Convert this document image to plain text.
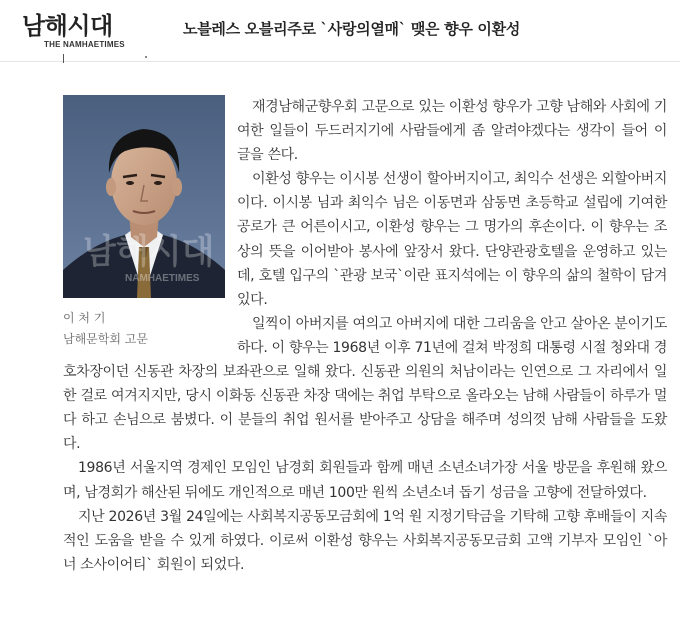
남해시대
THE NAMHAETIMES
노블레스 오블리주로 `사랑의열매` 맺은 향우 이환성
남해시대
NAMHAETIMES
이 처 기
남해문학회 고문

재경남해군향우회 고문으로 있는 이환성 향우가 고향 남해와 사회에 기여한 일들이 두드러지기에 사람들에게 좀 알려야겠다는 생각이 들어 이 글을 쓴다.

이환성 향우는 이시봉 선생이 할아버지이고, 최익수 선생은 외할아버지이다. 이시봉 님과 최익수 님은 이동면과 삼동면 초등학교 설립에 기여한 공로가 큰 어른이시고, 이환성 향우는 그 명가의 후손이다. 이 향우는 조상의 뜻을 이어받아 봉사에 앞장서 왔다. 단양관광호텔을 운영하고 있는데, 호텔 입구의 `관광 보국`이란 표지석에는 이 향우의 삶의 철학이 담겨 있다.

일찍이 아버지를 여의고 아버지에 대한 그리움을 안고 살아온 분이기도 하다. 이 향우는 1968년 이후 71년에 걸쳐 박정희 대통령 시절 청와대 경호차장이던 신동관 차장의 보좌관으로 일해 왔다. 신동관 의원의 처남이라는 인연으로 그 자리에서 일한 걸로 여겨지지만, 당시 이화동 신동관 차장 댁에는 취업 부탁으로 올라오는 남해 사람들이 하루가 멀다 하고 손님으로 붐볐다. 이 분들의 취업 원서를 받아주고 상담을 해주며 성의껏 남해 사람들을 도왔다.

1986년 서울지역 경제인 모임인 남경회 회원들과 함께 매년 소년소녀가장 서울 방문을 후원해 왔으며, 남경회가 해산된 뒤에도 개인적으로 매년 100만 원씩 소년소녀 돕기 성금을 고향에 전달하였다.

지난 2026년 3월 24일에는 사회복지공동모금회에 1억 원 지정기탁금을 기탁해 고향 후배들이 지속적인 도움을 받을 수 있게 하였다. 이로써 이환성 향우는 사회복지공동모금회 고액 기부자 모임인 `아너 소사이어티` 회원이 되었다.
